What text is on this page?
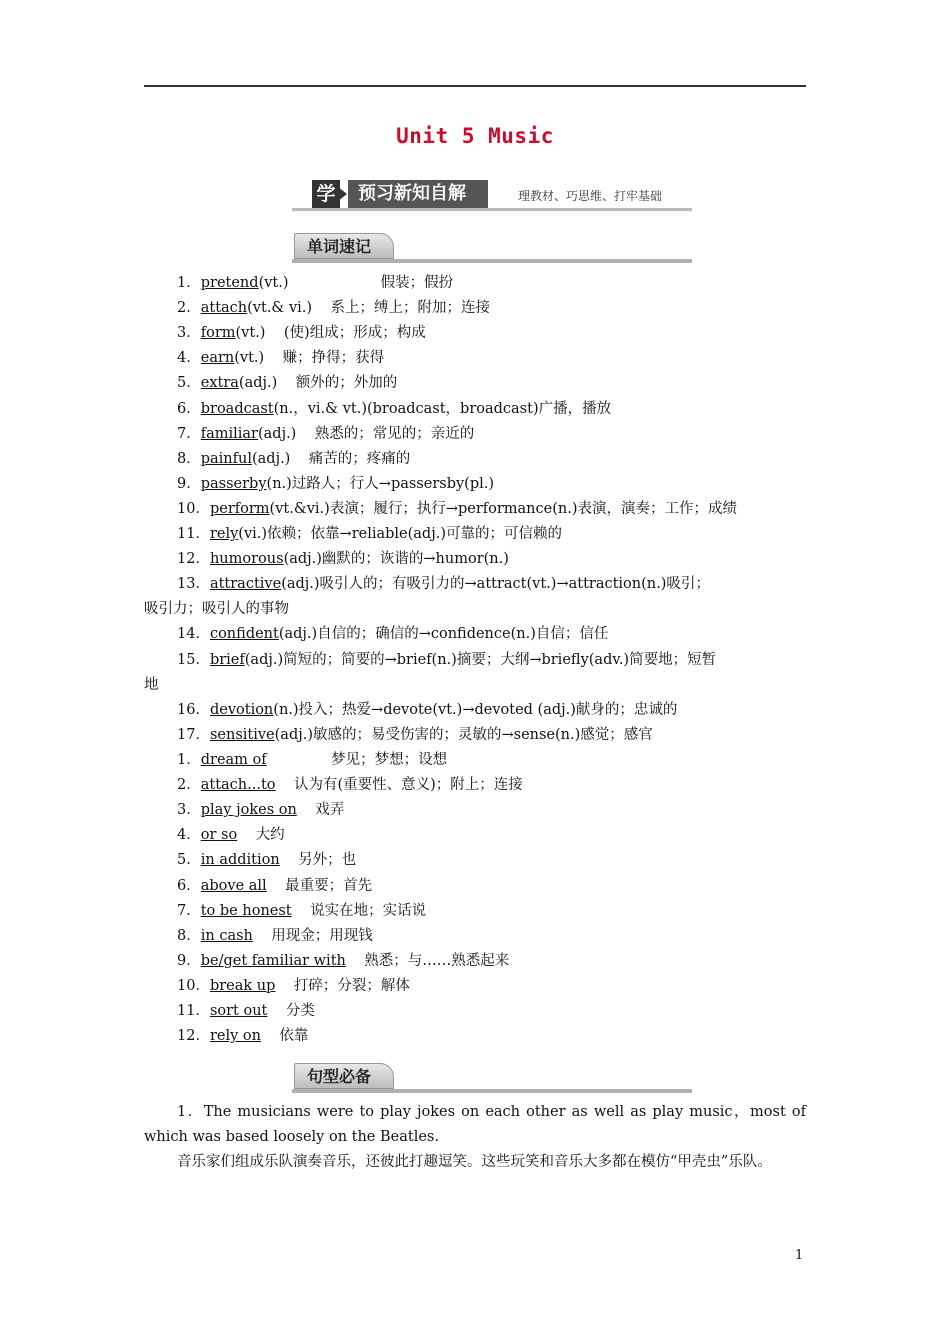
Unit 5 Music
学	预习新知自解	理教材、巧思维、打牢基础
单词速记
1．pretend(vt.)                    假装；假扮
2．attach(vt.& vi.)    系上；缚上；附加；连接
3．form(vt.)    (使)组成；形成；构成
4．earn(vt.)    赚；挣得；获得
5．extra(adj.)    额外的；外加的
6．broadcast(n.，vi.& vt.)(broadcast，broadcast)广播，播放
7．familiar(adj.)    熟悉的；常见的；亲近的
8．painful(adj.)    痛苦的；疼痛的
9．passerby(n.)过路人；行人→passersby(pl.)
10．perform(vt.&vi.)表演；履行；执行→performance(n.)表演，演奏；工作；成绩
11．rely(vi.)依赖；依靠→reliable(adj.)可靠的；可信赖的
12．humorous(adj.)幽默的；诙谐的→humor(n.)
13．attractive(adj.)吸引人的；有吸引力的→attract(vt.)→attraction(n.)吸引；
吸引力；吸引人的事物
14．confident(adj.)自信的；确信的→confidence(n.)自信；信任
15．brief(adj.)简短的；简要的→brief(n.)摘要；大纲→briefly(adv.)简要地；短暂
地
16．devotion(n.)投入；热爱→devote(vt.)→devoted (adj.)献身的；忠诚的
17．sensitive(adj.)敏感的；易受伤害的；灵敏的→sense(n.)感觉；感官
1．dream of              梦见；梦想；设想
2．attach...to    认为有(重要性、意义)；附上；连接
3．play jokes on    戏弄
4．or so    大约
5．in addition    另外；也
6．above all    最重要；首先
7．to be honest    说实在地；实话说
8．in cash    用现金；用现钱
9．be/get familiar with    熟悉；与……熟悉起来
10．break up    打碎；分裂；解体
11．sort out    分类
12．rely on    依靠
句型必备
1．The musicians were to play jokes on each other as well as play music，most of which was based loosely on the Beatles.
音乐家们组成乐队演奏音乐，还彼此打趣逗笑。这些玩笑和音乐大多都在模仿“甲壳虫”乐队。
1
